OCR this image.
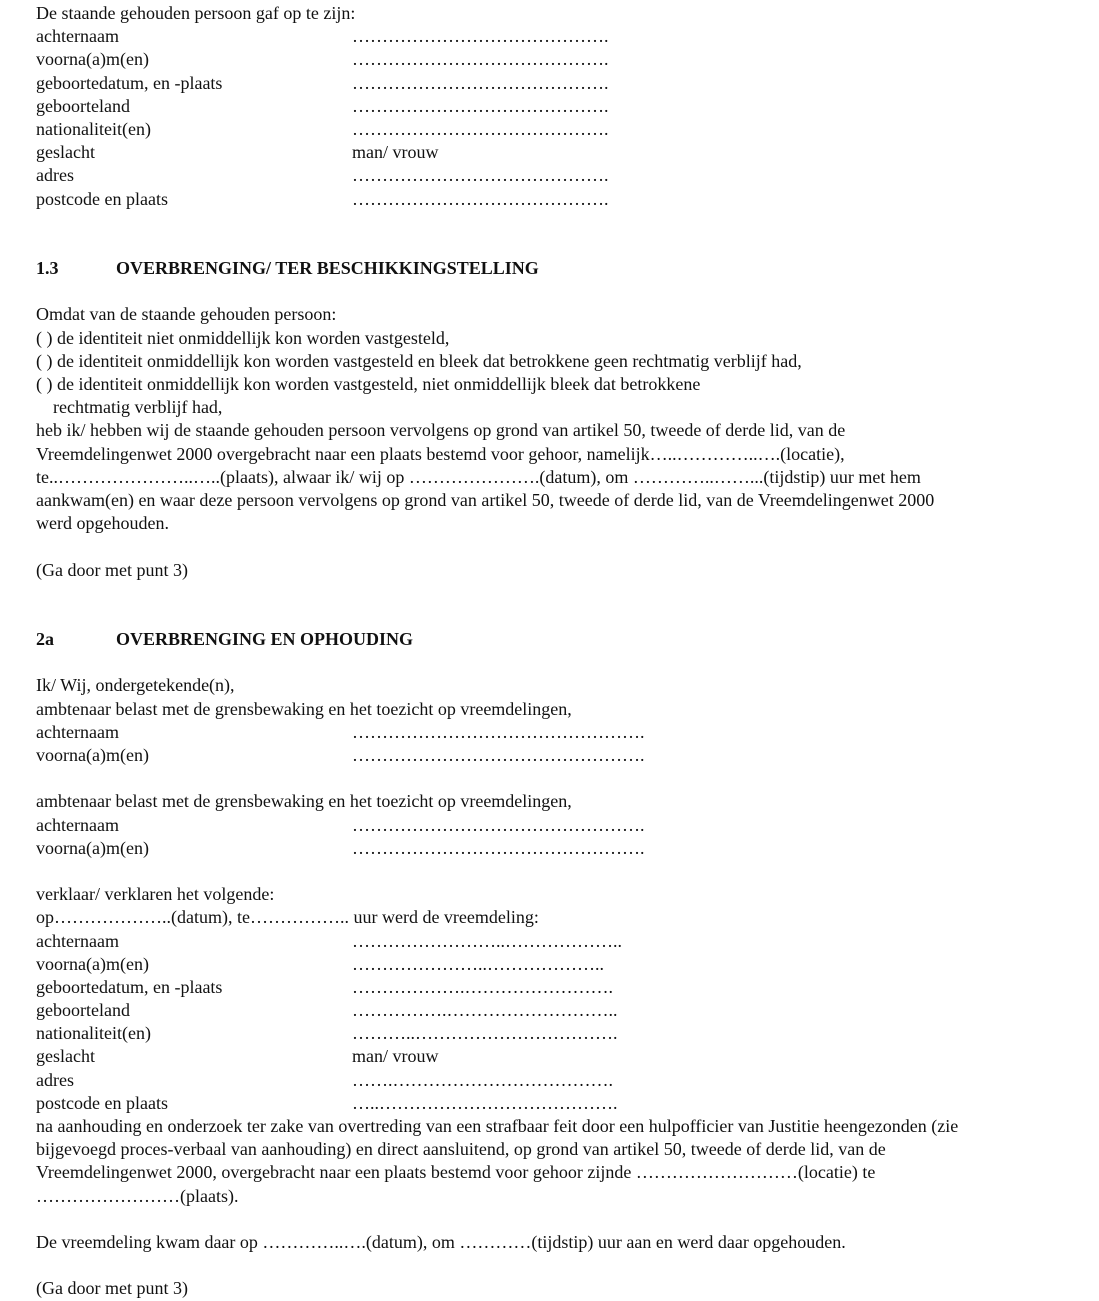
De staande gehouden persoon gaf op te zijn:
achternaam	…………………………………….
voorna(a)m(en)	…………………………………….
geboortedatum, en -plaats	…………………………………….
geboorteland	…………………………………….
nationaliteit(en)	…………………………………….
geslacht	man/ vrouw
adres	…………………………………….
postcode en plaats	…………………………………….
1.3	OVERBRENGING/ TER BESCHIKKINGSTELLING
Omdat van de staande gehouden persoon:
( ) de identiteit niet onmiddellijk kon worden vastgesteld,
( ) de identiteit onmiddellijk kon worden vastgesteld en bleek dat betrokkene geen rechtmatig verblijf had,
( ) de identiteit onmiddellijk kon worden vastgesteld, niet onmiddellijk bleek dat betrokkene
rechtmatig verblijf had,
heb ik/ hebben wij de staande gehouden persoon vervolgens op grond van artikel 50, tweede of derde lid, van de
Vreemdelingenwet 2000 overgebracht naar een plaats bestemd voor gehoor, namelijk…..…………..….(locatie),
te..…………………..…..(plaats), alwaar ik/ wij op ………………….(datum), om …………..……...(tijdstip) uur met hem
aankwam(en) en waar deze persoon vervolgens op grond van artikel 50, tweede of derde lid, van de Vreemdelingenwet 2000
werd opgehouden.
(Ga door met punt 3)
2a	OVERBRENGING EN OPHOUDING
Ik/ Wij, ondergetekende(n),
ambtenaar belast met de grensbewaking en het toezicht op vreemdelingen,
achternaam	………………………………………….
voorna(a)m(en)	………………………………………….
ambtenaar belast met de grensbewaking en het toezicht op vreemdelingen,
achternaam	………………………………………….
voorna(a)m(en)	………………………………………….
verklaar/ verklaren het volgende:
op………………..(datum), te…………….. uur werd de vreemdeling:
achternaam	……………………..………………..
voorna(a)m(en)	…………………..………………..
geboortedatum, en -plaats	……………….…………………….
geboorteland	…………….………………………..
nationaliteit(en)	………..…………………………….
geslacht	man/ vrouw
adres	…….……………………………….
postcode en plaats	…..………………………………….
na aanhouding en onderzoek ter zake van overtreding van een strafbaar feit door een hulpofficier van Justitie heengezonden (zie
bijgevoegd proces-verbaal van aanhouding) en direct aansluitend, op grond van artikel 50, tweede of derde lid, van de
Vreemdelingenwet 2000, overgebracht naar een plaats bestemd voor gehoor zijnde ………………………(locatie) te
……………………(plaats).
De vreemdeling kwam daar op …………..….(datum), om …………(tijdstip) uur aan en werd daar opgehouden.
(Ga door met punt 3)
